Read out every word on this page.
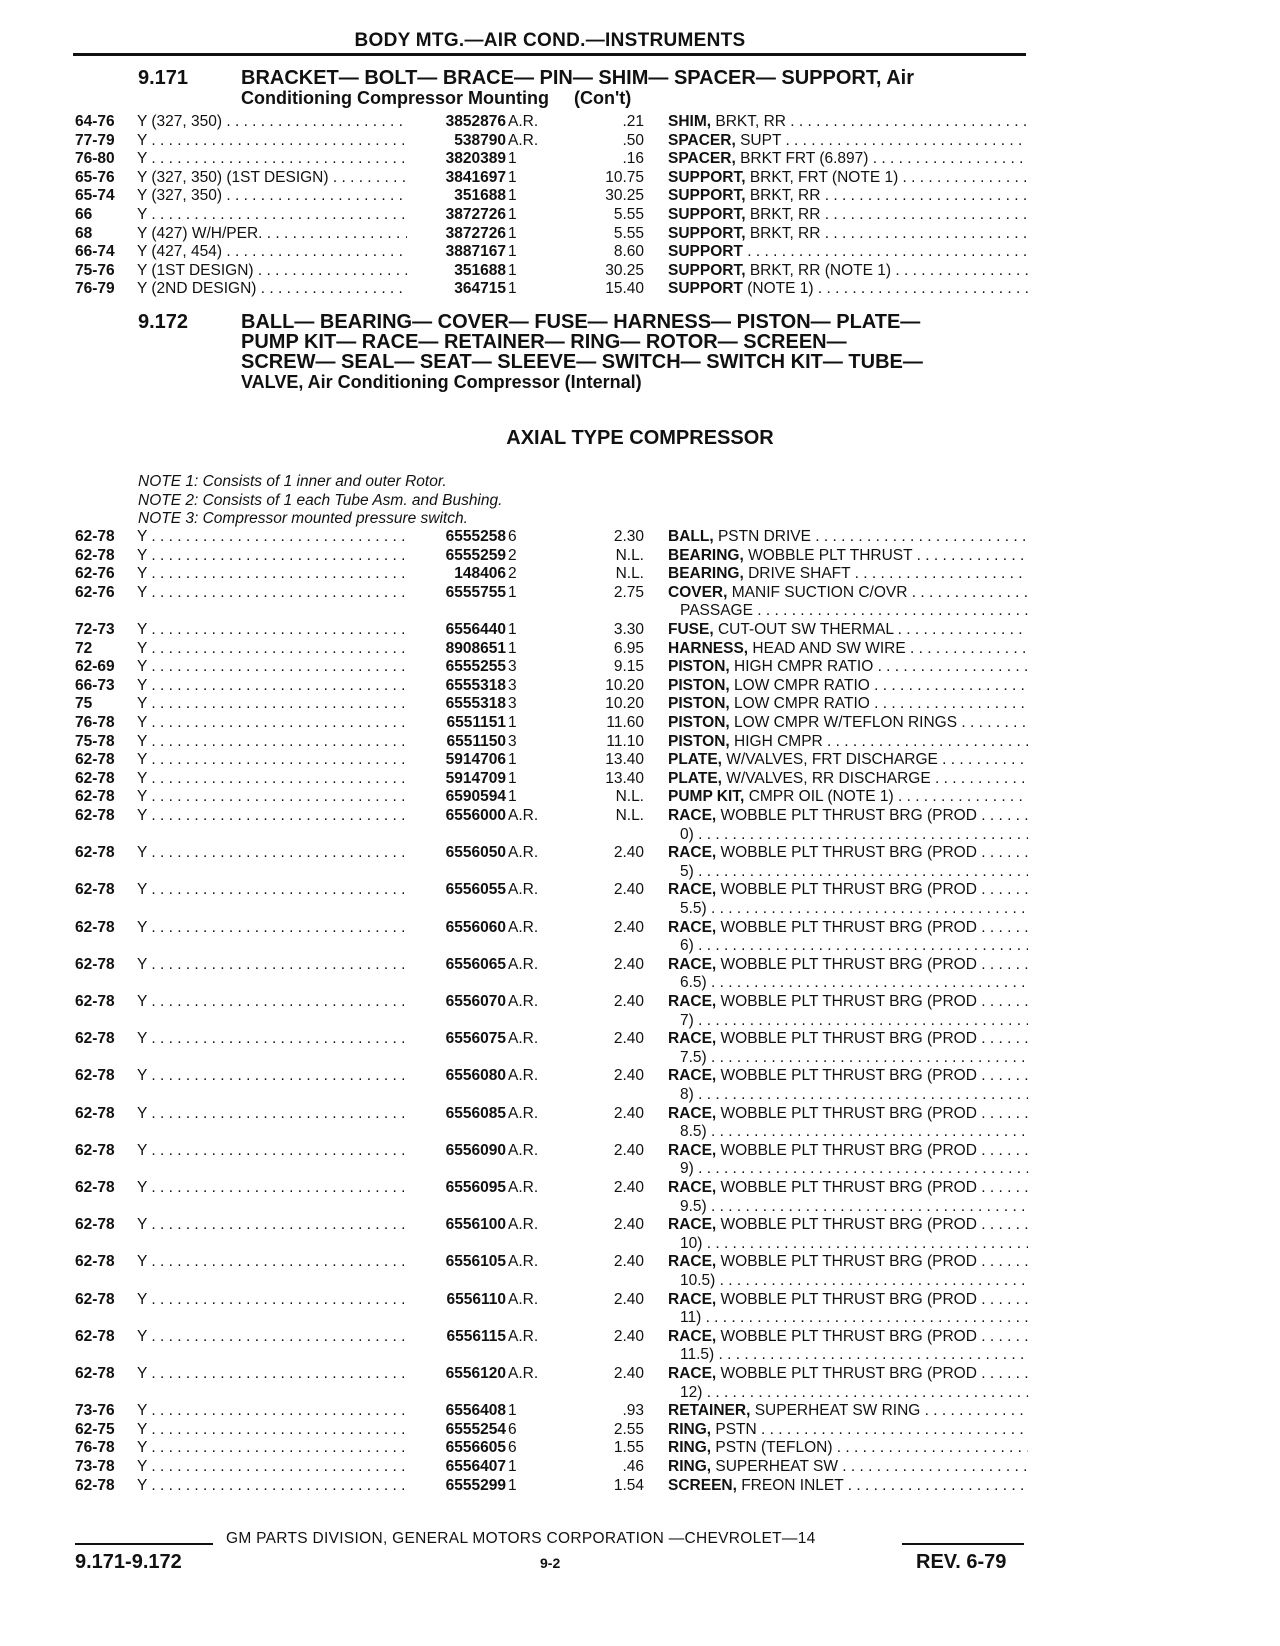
BODY MTG.—AIR COND.—INSTRUMENTS
9.171	BRACKET— BOLT— BRACE— PIN— SHIM— SPACER— SUPPORT, Air
Conditioning Compressor Mounting     (Con't)
64-76 Y (327, 350) . . .	3852876 A.R.	.21 SHIM, BRKT, RR . . .
77-79 Y . . .	538790 A.R.	.50 SPACER, SUPT . . .
76-80 Y . . .	3820389 1	.16 SPACER, BRKT FRT (6.897) . . .
65-76 Y (327, 350) (1ST DESIGN) . . .	3841697 1	10.75 SUPPORT, BRKT, FRT (NOTE 1) . . .
65-74 Y (327, 350) . . .	351688 1	30.25 SUPPORT, BRKT, RR . . .
66	Y . . .	3872726 1	5.55 SUPPORT, BRKT, RR . . .
68	Y (427) W/H/PER. . . .	3872726 1	5.55 SUPPORT, BRKT, RR . . .
66-74 Y (427, 454) . . .	3887167 1	8.60 SUPPORT . . .
75-76 Y (1ST DESIGN) . . .	351688 1	30.25 SUPPORT, BRKT, RR (NOTE 1) . . .
76-79 Y (2ND DESIGN) . . .	364715 1	15.40 SUPPORT (NOTE 1) . . .
9.172	BALL— BEARING— COVER— FUSE— HARNESS— PISTON— PLATE—
PUMP KIT— RACE— RETAINER— RING— ROTOR— SCREEN—
SCREW— SEAL— SEAT— SLEEVE— SWITCH— SWITCH KIT— TUBE—
VALVE, Air Conditioning Compressor (Internal)
AXIAL TYPE COMPRESSOR
NOTE 1: Consists of 1 inner and outer Rotor.
NOTE 2: Consists of 1 each Tube Asm. and Bushing.
NOTE 3: Compressor mounted pressure switch.
62-78 Y . . .	6555258 6	2.30 BALL, PSTN DRIVE . . .
62-78 Y . . .	6555259 2	N.L. BEARING, WOBBLE PLT THRUST . . .
62-76 Y . . .	148406 2	N.L. BEARING, DRIVE SHAFT . . .
62-76 Y . . .	6555755 1	2.75 COVER, MANIF SUCTION C/OVR . . .
PASSAGE . . .
72-73 Y . . .	6556440 1	3.30 FUSE, CUT-OUT SW THERMAL . . .
72	Y . . .	8908651 1	6.95 HARNESS, HEAD AND SW WIRE . . .
62-69 Y . . .	6555255 3	9.15 PISTON, HIGH CMPR RATIO . . .
66-73 Y . . .	6555318 3	10.20 PISTON, LOW CMPR RATIO . . .
75	Y . . .	6555318 3	10.20 PISTON, LOW CMPR RATIO . . .
76-78 Y . . .	6551151 1	11.60 PISTON, LOW CMPR W/TEFLON RINGS . . .
75-78 Y . . .	6551150 3	11.10 PISTON, HIGH CMPR . . .
62-78 Y . . .	5914706 1	13.40 PLATE, W/VALVES, FRT DISCHARGE . . .
62-78 Y . . .	5914709 1	13.40 PLATE, W/VALVES, RR DISCHARGE . . .
62-78 Y . . .	6590594 1	N.L. PUMP KIT, CMPR OIL (NOTE 1) . . .
62-78 Y . . .	6556000 A.R.	N.L. RACE, WOBBLE PLT THRUST BRG (PROD . . .
0) . . .
62-78 Y . . .	6556050 A.R.	2.40 RACE, WOBBLE PLT THRUST BRG (PROD . . .
5) . . .
62-78 Y . . .	6556055 A.R.	2.40 RACE, WOBBLE PLT THRUST BRG (PROD . . .
5.5) . . .
62-78 Y . . .	6556060 A.R.	2.40 RACE, WOBBLE PLT THRUST BRG (PROD . . .
6) . . .
62-78 Y . . .	6556065 A.R.	2.40 RACE, WOBBLE PLT THRUST BRG (PROD . . .
6.5) . . .
62-78 Y . . .	6556070 A.R.	2.40 RACE, WOBBLE PLT THRUST BRG (PROD . . .
7) . . .
62-78 Y . . .	6556075 A.R.	2.40 RACE, WOBBLE PLT THRUST BRG (PROD . . .
7.5) . . .
62-78 Y . . .	6556080 A.R.	2.40 RACE, WOBBLE PLT THRUST BRG (PROD . . .
8) . . .
62-78 Y . . .	6556085 A.R.	2.40 RACE, WOBBLE PLT THRUST BRG (PROD . . .
8.5) . . .
62-78 Y . . .	6556090 A.R.	2.40 RACE, WOBBLE PLT THRUST BRG (PROD . . .
9) . . .
62-78 Y . . .	6556095 A.R.	2.40 RACE, WOBBLE PLT THRUST BRG (PROD . . .
9.5) . . .
62-78 Y . . .	6556100 A.R.	2.40 RACE, WOBBLE PLT THRUST BRG (PROD . . .
10) . . .
62-78 Y . . .	6556105 A.R.	2.40 RACE, WOBBLE PLT THRUST BRG (PROD . . .
10.5) . . .
62-78 Y . . .	6556110 A.R.	2.40 RACE, WOBBLE PLT THRUST BRG (PROD . . .
11) . . .
62-78 Y . . .	6556115 A.R.	2.40 RACE, WOBBLE PLT THRUST BRG (PROD . . .
11.5) . . .
62-78 Y . . .	6556120 A.R.	2.40 RACE, WOBBLE PLT THRUST BRG (PROD . . .
12) . . .
73-76 Y . . .	6556408 1	.93 RETAINER, SUPERHEAT SW RING . . .
62-75 Y . . .	6555254 6	2.55 RING, PSTN . . .
76-78 Y . . .	6556605 6	1.55 RING, PSTN (TEFLON) . . .
73-78 Y . . .	6556407 1	.46 RING, SUPERHEAT SW . . .
62-78 Y . . .	6555299 1	1.54 SCREEN, FREON INLET . . .
GM PARTS DIVISION, GENERAL MOTORS CORPORATION —CHEVROLET—14
9.171-9.172	9-2	REV. 6-79
